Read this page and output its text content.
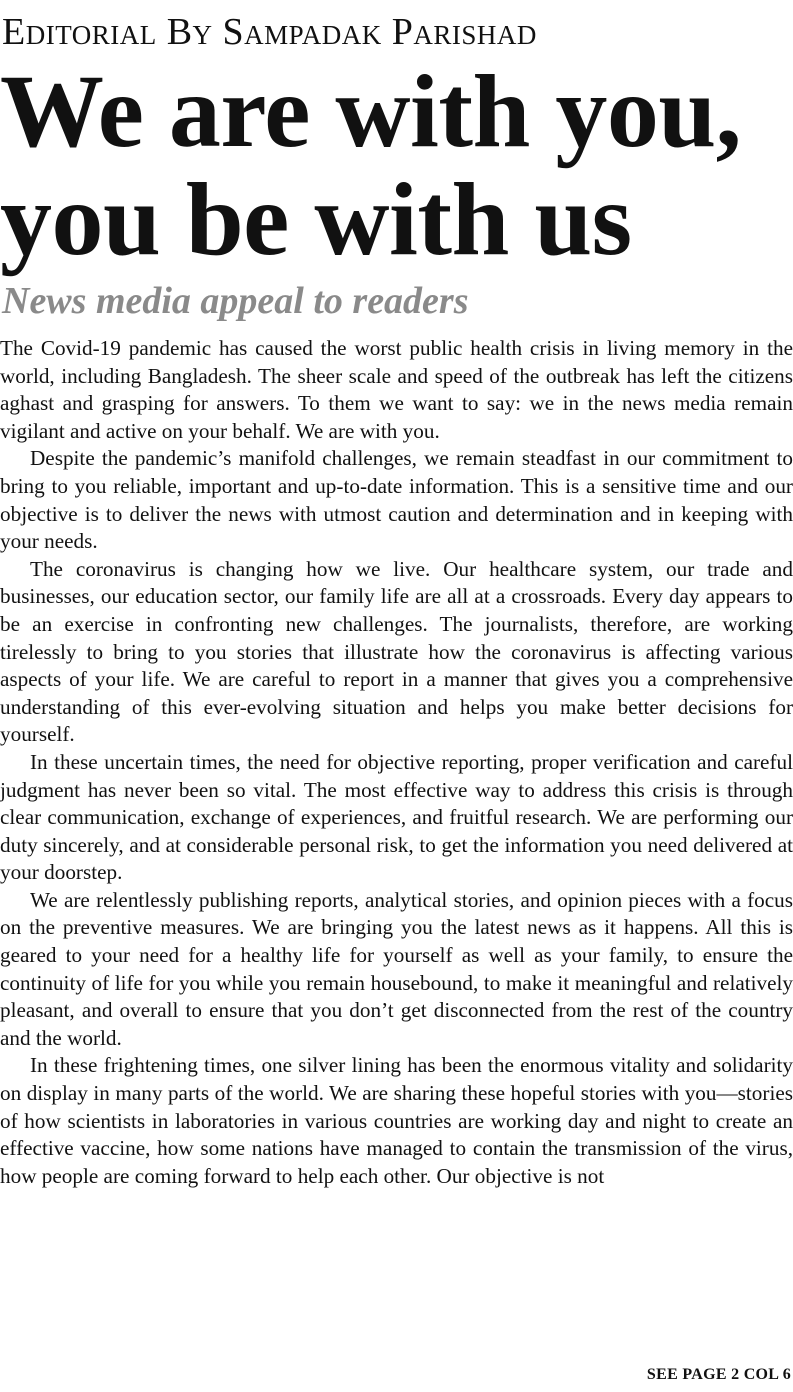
Editorial By Sampadak Parishad
We are with you,
you be with us
News media appeal to readers

The Covid-19 pandemic has caused the worst public health crisis in living memory in the world, including Bangladesh. The sheer scale and speed of the outbreak has left the citizens aghast and grasping for answers. To them we want to say: we in the news media remain vigilant and active on your behalf. We are with you.

Despite the pandemic’s manifold challenges, we remain steadfast in our commitment to bring to you reliable, important and up-to-date information. This is a sensitive time and our objective is to deliver the news with utmost caution and determination and in keeping with your needs.

The coronavirus is changing how we live. Our healthcare system, our trade and businesses, our education sector, our family life are all at a crossroads. Every day appears to be an exercise in confronting new challenges. The journalists, therefore, are working tirelessly to bring to you stories that illustrate how the coronavirus is affecting various aspects of your life. We are careful to report in a manner that gives you a comprehensive understanding of this ever-evolving situation and helps you make better decisions for yourself.

In these uncertain times, the need for objective reporting, proper verification and careful judgment has never been so vital. The most effective way to address this crisis is through clear communication, exchange of experiences, and fruitful research. We are performing our duty sincerely, and at considerable personal risk, to get the information you need delivered at your doorstep.

We are relentlessly publishing reports, analytical stories, and opinion pieces with a focus on the preventive measures. We are bringing you the latest news as it happens. All this is geared to your need for a healthy life for yourself as well as your family, to ensure the continuity of life for you while you remain housebound, to make it meaningful and relatively pleasant, and overall to ensure that you don’t get disconnected from the rest of the country and the world.

In these frightening times, one silver lining has been the enormous vitality and solidarity on display in many parts of the world. We are sharing these hopeful stories with you—stories of how scientists in laboratories in various countries are working day and night to create an effective vaccine, how some nations have managed to contain the transmission of the virus, how people are coming forward to help each other. Our objective is not

SEE PAGE 2 COL 6
